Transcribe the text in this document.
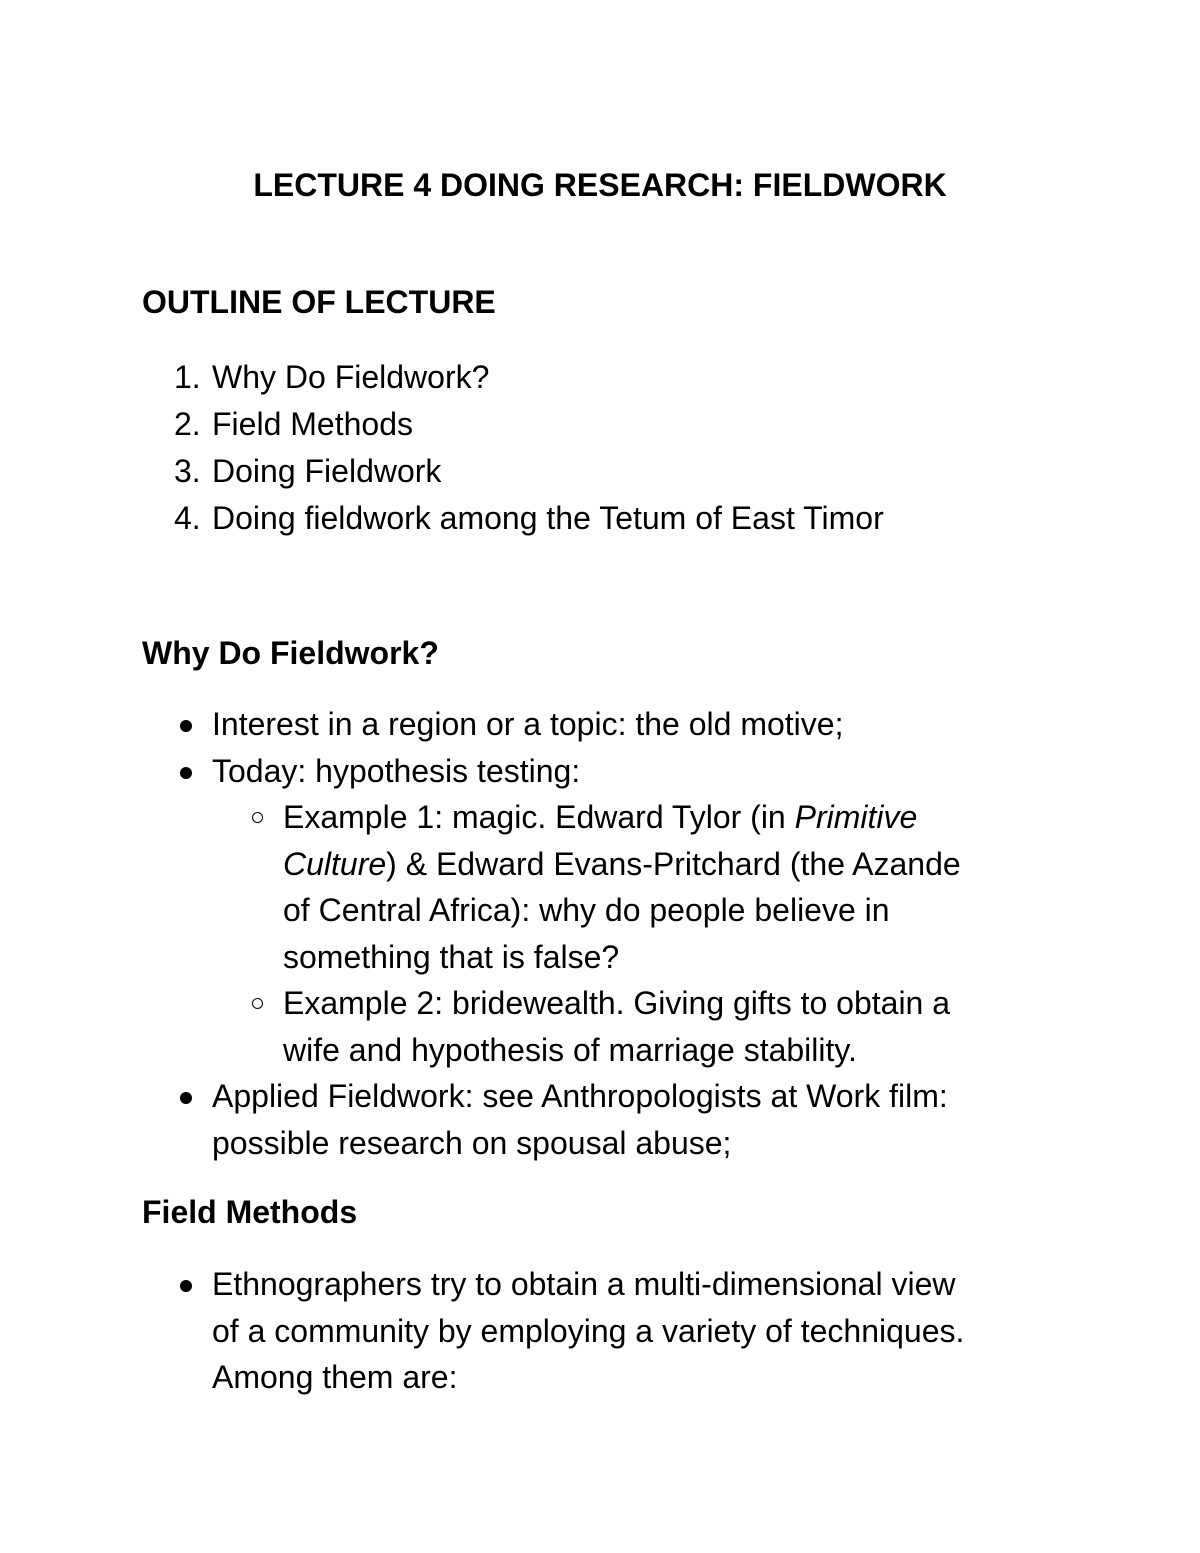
LECTURE 4 DOING RESEARCH: FIELDWORK
OUTLINE OF LECTURE
1. Why Do Fieldwork?
2. Field Methods
3. Doing Fieldwork
4. Doing fieldwork among the Tetum of East Timor
Why Do Fieldwork?
Interest in a region or a topic: the old motive;
Today: hypothesis testing:
Example 1: magic. Edward Tylor (in Primitive
Culture) & Edward Evans-Pritchard (the Azande
of Central Africa): why do people believe in
something that is false?
Example 2: bridewealth. Giving gifts to obtain a
wife and hypothesis of marriage stability.
Applied Fieldwork: see Anthropologists at Work film:
possible research on spousal abuse;
Field Methods
Ethnographers try to obtain a multi-dimensional view
of a community by employing a variety of techniques.
Among them are:
